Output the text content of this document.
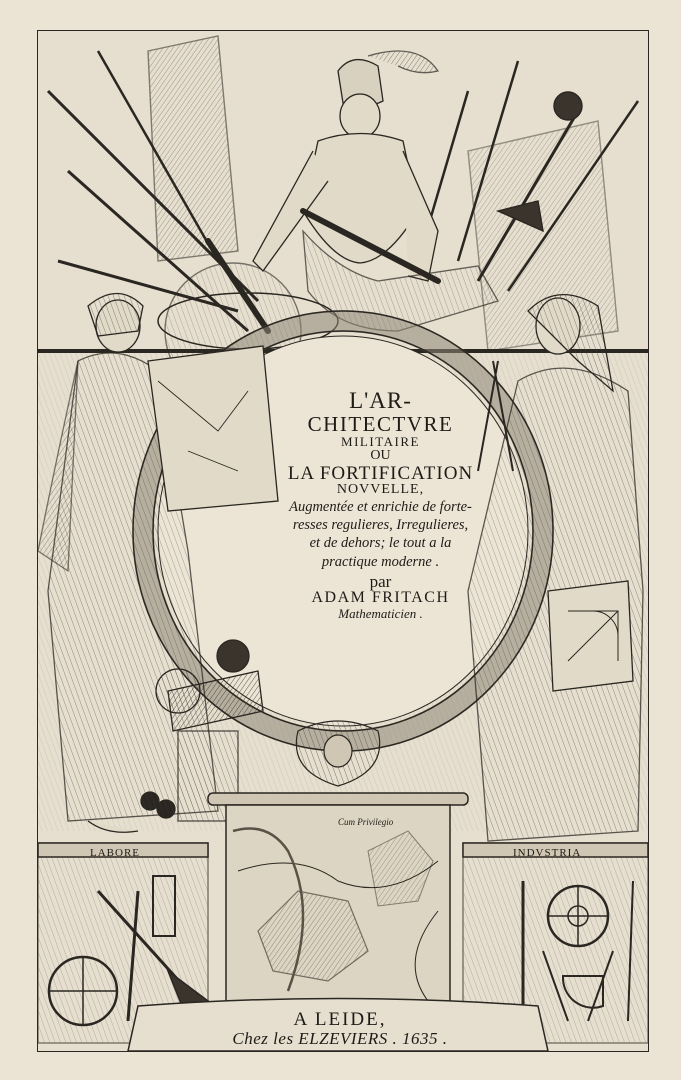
L'AR-
CHITECTVRE
MILITAIRE
OU
LA FORTIFICATION
NOVVELLE,
Augmentée et enrichie de forte-
resses regulieres, Irregulieres,
et de dehors; le tout a la
practique moderne .
par
ADAM FRITACH
Mathematicien .
LABORE	INDVSTRIA
Cum Privilegio
A LEIDE,
Chez les ELZEVIERS . 1635 .
